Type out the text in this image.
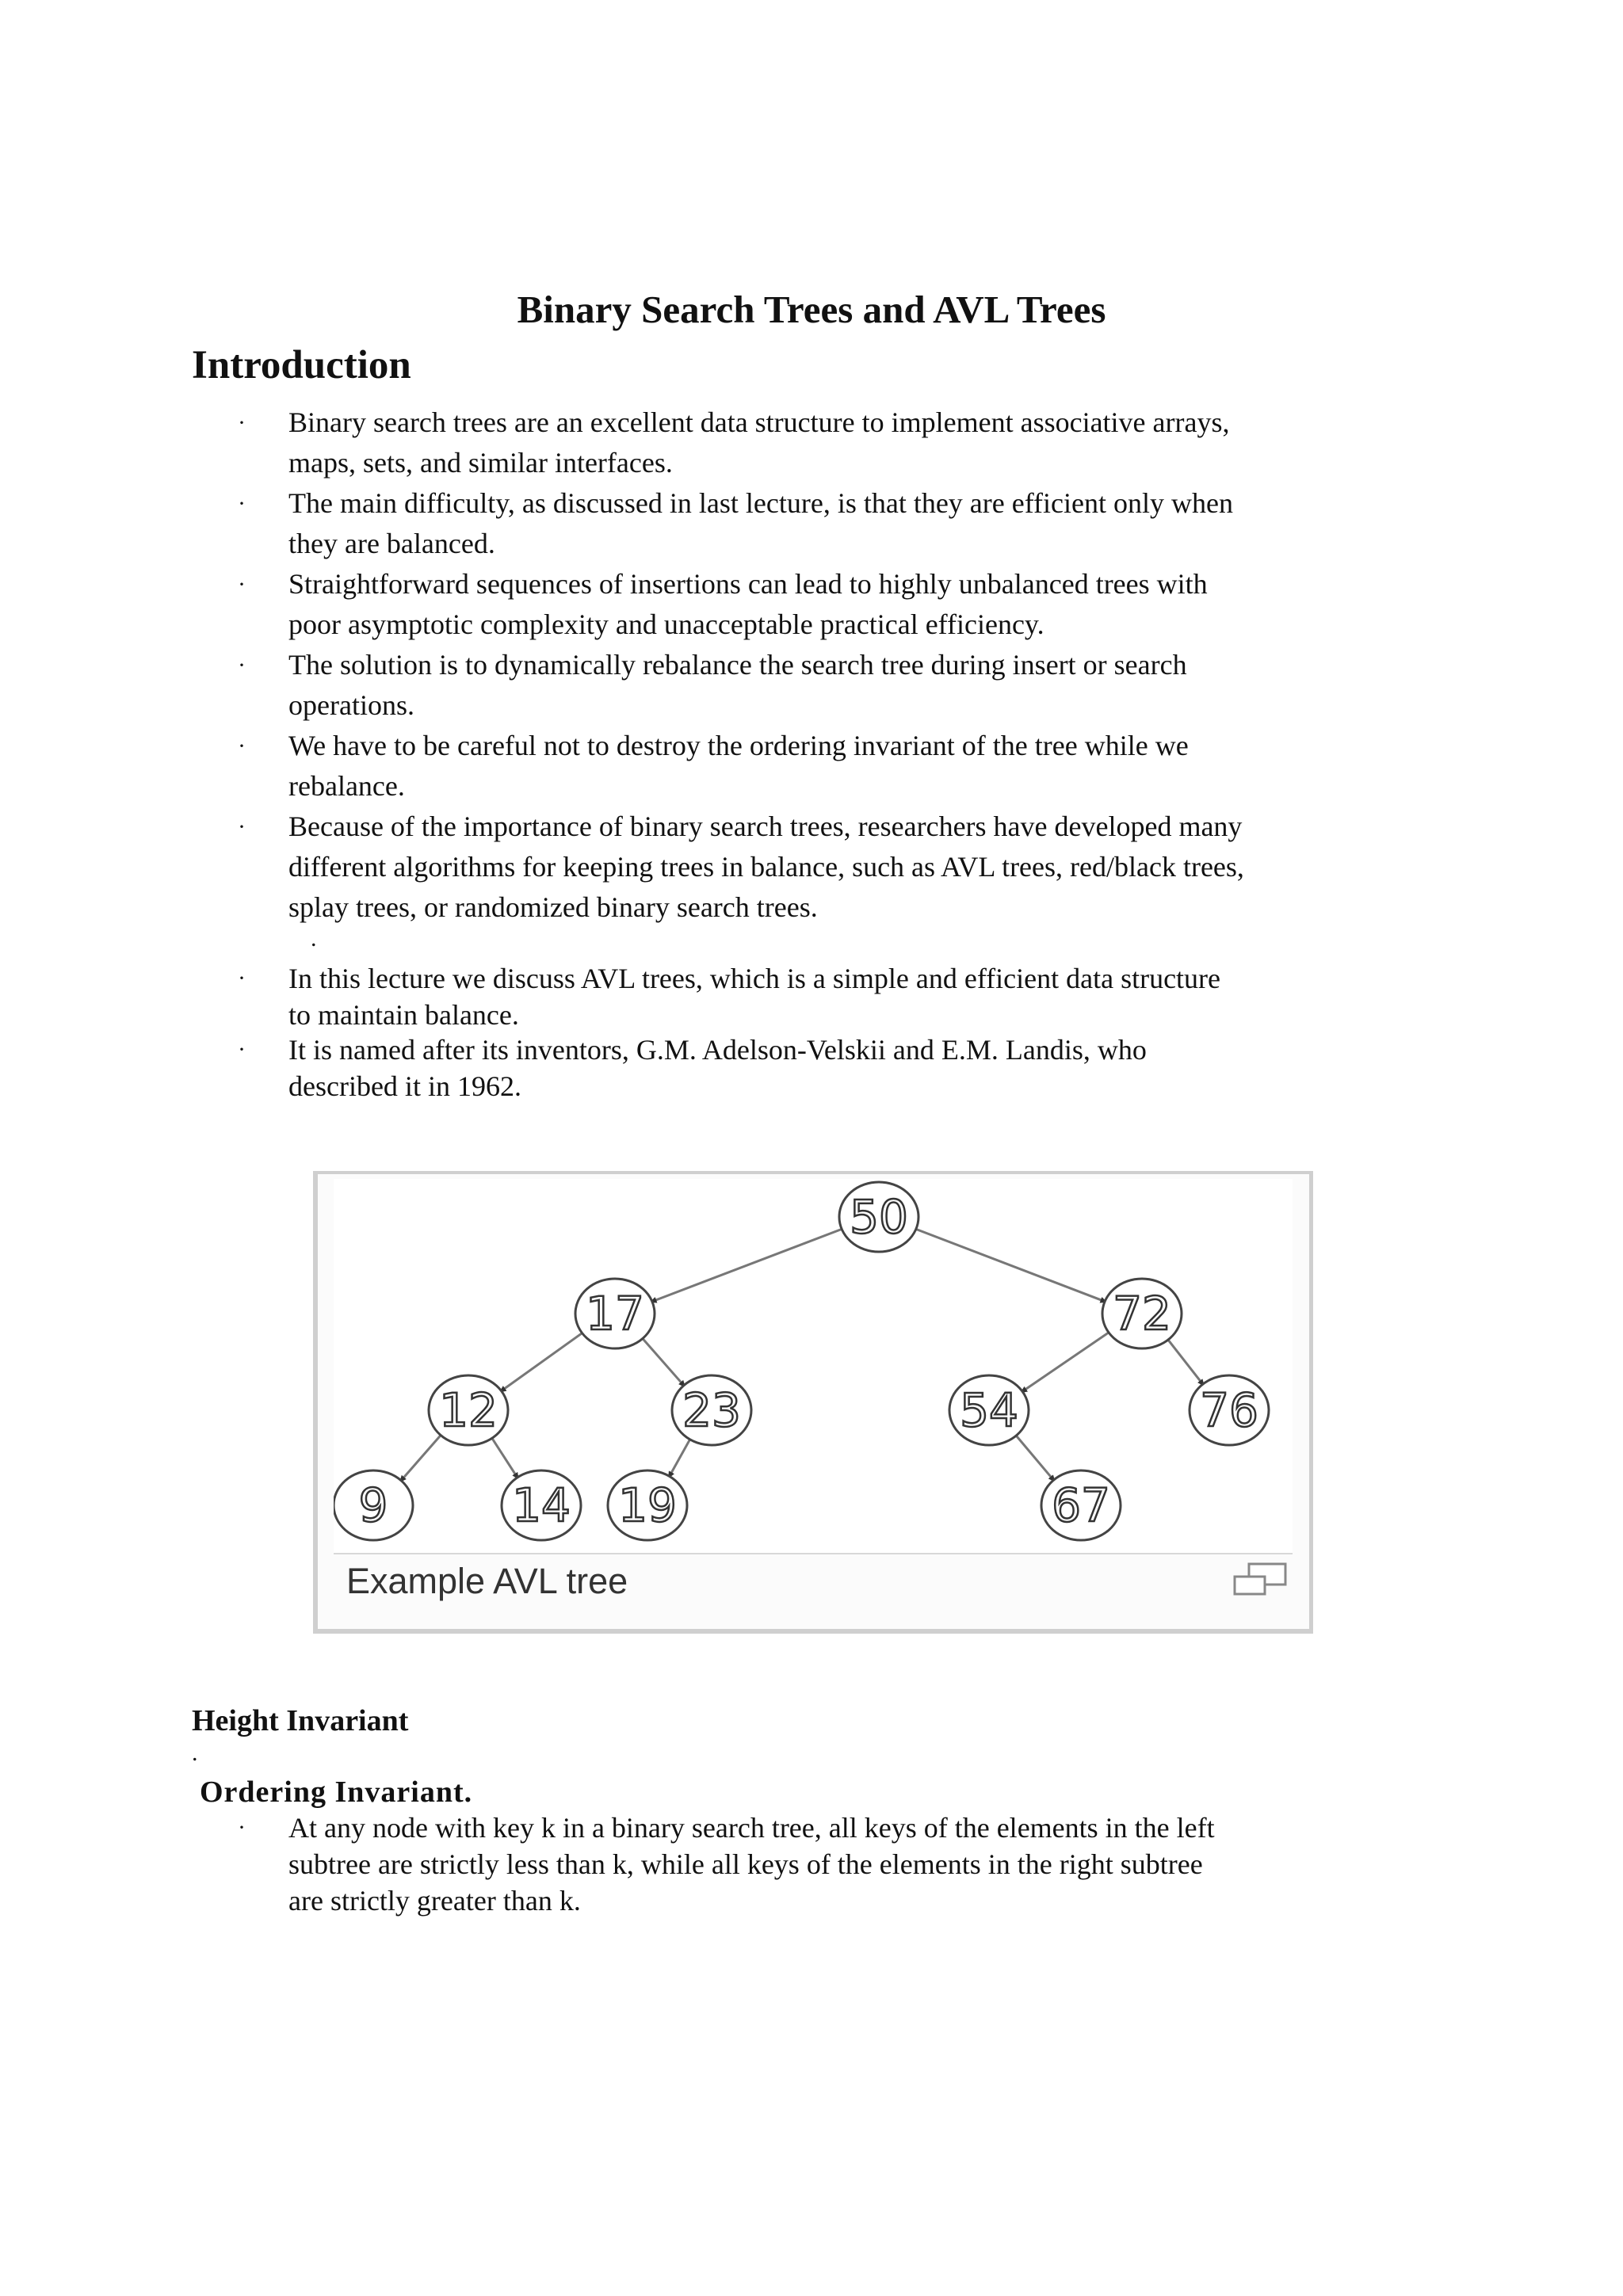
Binary Search Trees and AVL Trees
Introduction
·	Binary search trees are an excellent data structure to implement associative arrays,
maps, sets, and similar interfaces.
·	The main difficulty, as discussed in last lecture, is that they are efficient only when
they are balanced.
·	Straightforward sequences of insertions can lead to highly unbalanced trees with
poor asymptotic complexity and unacceptable practical efficiency.
·	The solution is to dynamically rebalance the search tree during insert or search
operations.
·	We have to be careful not to destroy the ordering invariant of the tree while we
rebalance.
·	Because of the importance of binary search trees, researchers have developed many
different algorithms for keeping trees in balance, such as AVL trees, red/black trees,
splay trees, or randomized binary search trees.
.
·	In this lecture we discuss AVL trees, which is a simple and efficient data structure
to maintain balance.
·	It is named after its inventors, G.M. Adelson-Velskii and E.M. Landis, who
described it in 1962.
50
17	72
12	23	54	76
9	14 19	67
Example AVL tree
Height Invariant
.
Ordering Invariant.
·	At any node with key k in a binary search tree, all keys of the elements in the left
subtree are strictly less than k, while all keys of the elements in the right subtree
are strictly greater than k.
